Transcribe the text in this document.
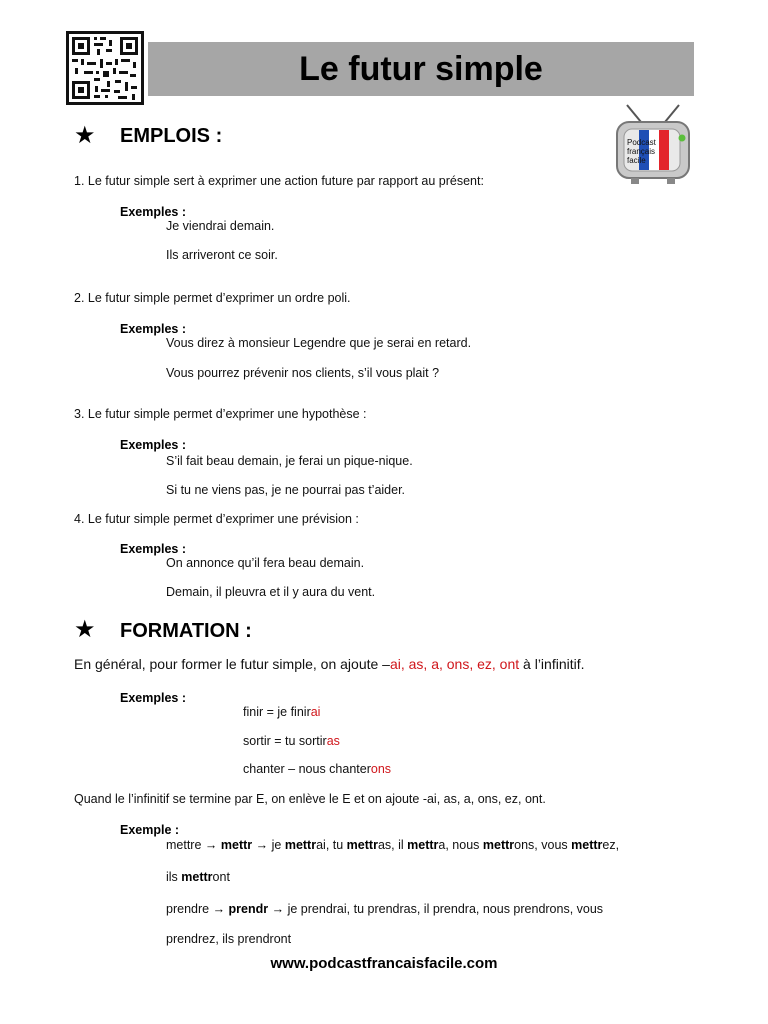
Le futur simple
Podcast français facile
★ EMPLOIS :
1. Le futur simple sert à exprimer une action future par rapport au présent:
Exemples :
Je viendrai demain.
Ils arriveront ce soir.
2. Le futur simple permet d’exprimer un ordre poli.
Exemples :
Vous direz à monsieur Legendre que je serai en retard.
Vous pourrez prévenir nos clients, s’il vous plait ?
3. Le futur simple permet d’exprimer une hypothèse :
Exemples :
S’il fait beau demain, je ferai un pique-nique.
Si tu ne viens pas, je ne pourrai pas t’aider.
4. Le futur simple permet d’exprimer une prévision :
Exemples :
On annonce qu’il fera beau demain.
Demain, il pleuvra et il y aura du vent.
★ FORMATION :
En général, pour former le futur simple, on ajoute –ai, as, a, ons, ez, ont à l’infinitif.
Exemples :
finir = je finirai
sortir = tu sortiras
chanter – nous chanterons
Quand le l’infinitif se termine par E, on enlève le E et on ajoute -ai, as, a, ons, ez, ont.
Exemple :
mettre → mettr → je mettrai, tu mettras, il mettra, nous mettrons, vous mettrez,
ils mettront
prendre → prendr → je prendrai, tu prendras, il prendra, nous prendrons, vous
prendrez, ils prendront
www.podcastfrancaisfacile.com
